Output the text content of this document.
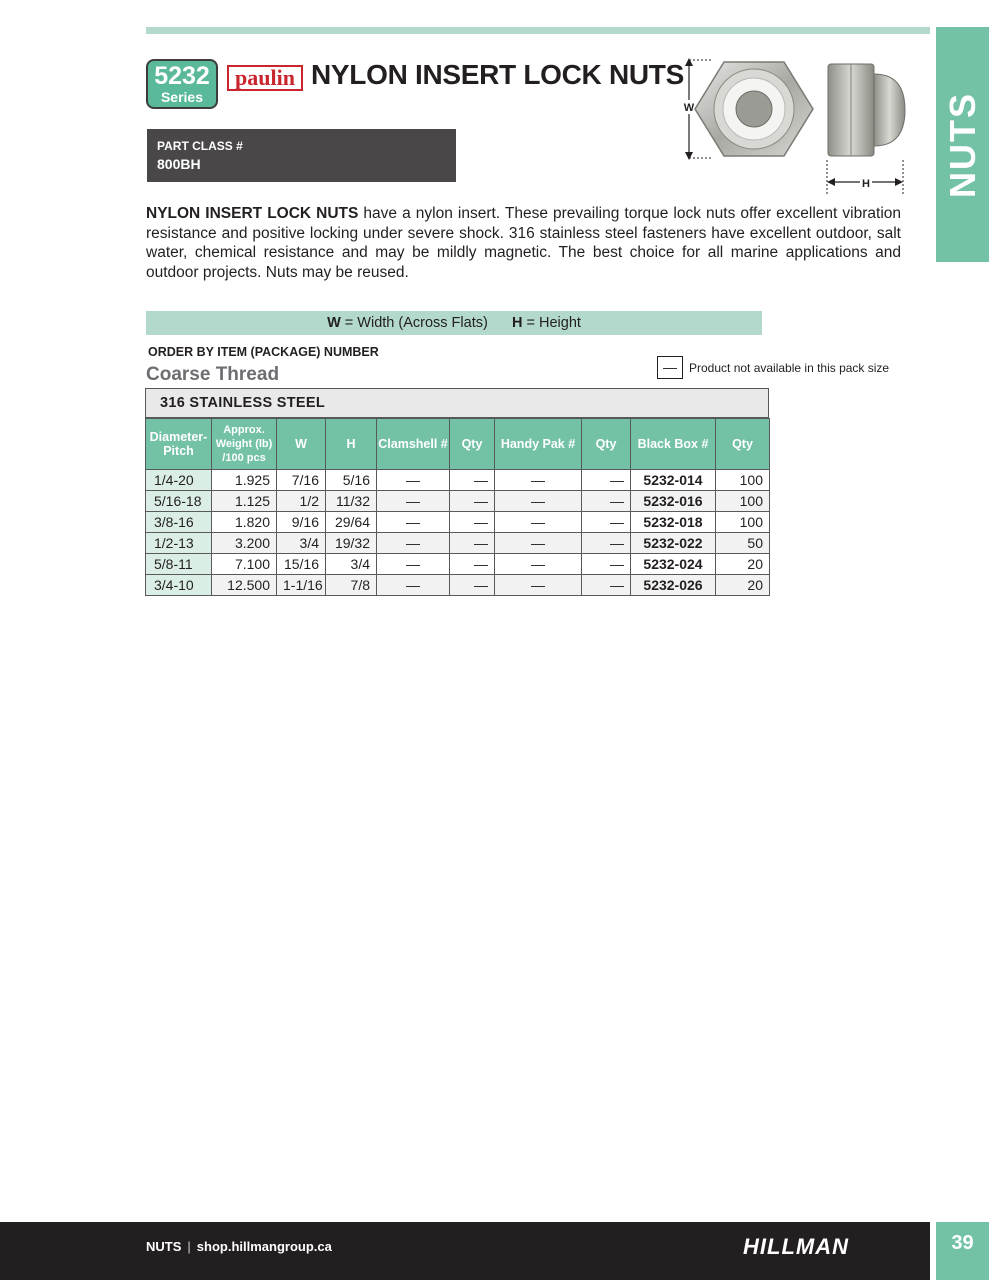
NUTS
5232
Series
paulin NYLON INSERT LOCK NUTS
PART CLASS #
800BH
W
H
NYLON INSERT LOCK NUTS have a nylon insert. These prevailing torque lock nuts offer excellent vibration resistance and positive locking under severe shock. 316 stainless steel fasteners have excellent outdoor, salt water, chemical resistance and may be mildly magnetic. The best choice for all marine applications and outdoor projects. Nuts may be reused.
W = Width (Across Flats) H = Height
ORDER BY ITEM (PACKAGE) NUMBER
Coarse Thread	—	Product not available in this pack size
316 STAINLESS STEEL
Diameter-Pitch	Approx. Weight (lb) /100 pcs	W	H	Clamshell #	Qty	Handy Pak #	Qty	Black Box #	Qty
1/4-20	1.925	7/16	5/16	—	—	—	—	5232-014	100
5/16-18	1.125	1/2	11/32	—	—	—	—	5232-016	100
3/8-16	1.820	9/16	29/64	—	—	—	—	5232-018	100
1/2-13	3.200	3/4	19/32	—	—	—	—	5232-022	50
5/8-11	7.100	15/16	3/4	—	—	—	—	5232-024	20
3/4-10	12.500	1-1/16	7/8	—	—	—	—	5232-026	20
NUTS | shop.hillmangroup.ca	HILLMAN	39
